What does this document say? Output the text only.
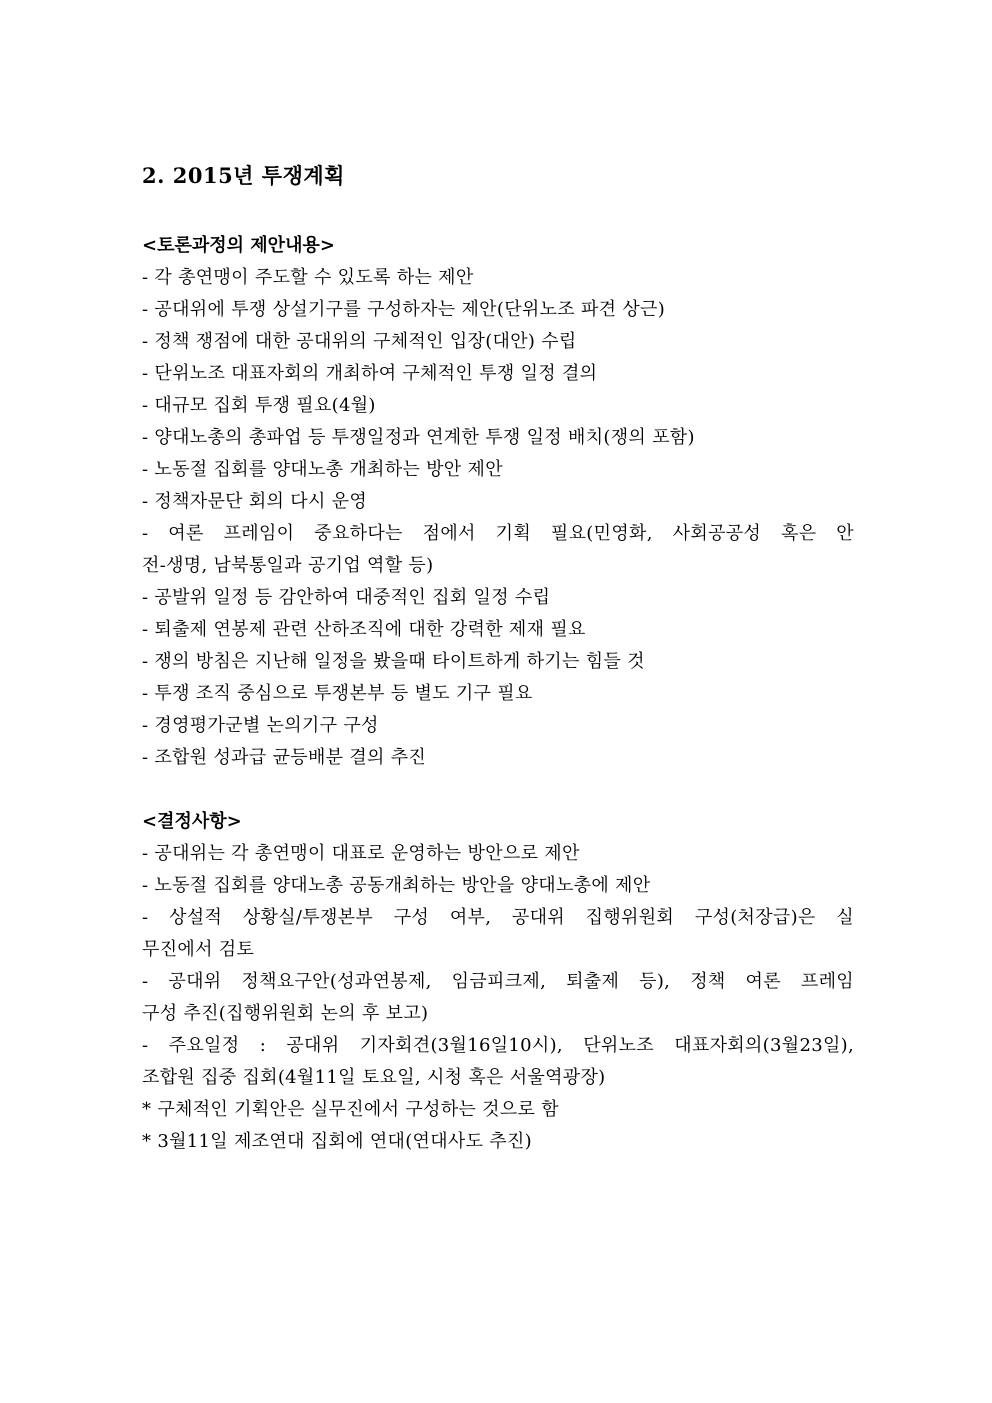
2. 2015년 투쟁계획

<토론과정의 제안내용>

- 각 총연맹이 주도할 수 있도록 하는 제안

- 공대위에 투쟁 상설기구를 구성하자는 제안(단위노조 파견 상근)

- 정책 쟁점에 대한 공대위의 구체적인 입장(대안) 수립

- 단위노조 대표자회의 개최하여 구체적인 투쟁 일정 결의

- 대규모 집회 투쟁 필요(4월)

- 양대노총의 총파업 등 투쟁일정과 연계한 투쟁 일정 배치(쟁의 포함)

- 노동절 집회를 양대노총 개최하는 방안 제안

- 정책자문단 회의 다시 운영

- 여론 프레임이 중요하다는 점에서 기획 필요(민영화, 사회공공성 혹은 안

전-생명, 남북통일과 공기업 역할 등)

- 공발위 일정 등 감안하여 대중적인 집회 일정 수립

- 퇴출제 연봉제 관련 산하조직에 대한 강력한 제재 필요

- 쟁의 방침은 지난해 일정을 봤을때 타이트하게 하기는 힘들 것

- 투쟁 조직 중심으로 투쟁본부 등 별도 기구 필요

- 경영평가군별 논의기구 구성

- 조합원 성과급 균등배분 결의 추진

<결정사항>

- 공대위는 각 총연맹이 대표로 운영하는 방안으로 제안

- 노동절 집회를 양대노총 공동개최하는 방안을 양대노총에 제안

- 상설적 상황실/투쟁본부 구성 여부, 공대위 집행위원회 구성(처장급)은 실

무진에서 검토

- 공대위 정책요구안(성과연봉제, 임금피크제, 퇴출제 등), 정책 여론 프레임

구성 추진(집행위원회 논의 후 보고)

- 주요일정 : 공대위 기자회견(3월16일10시), 단위노조 대표자회의(3월23일),

조합원 집중 집회(4월11일 토요일, 시청 혹은 서울역광장)

* 구체적인 기획안은 실무진에서 구성하는 것으로 함

* 3월11일 제조연대 집회에 연대(연대사도 추진)
